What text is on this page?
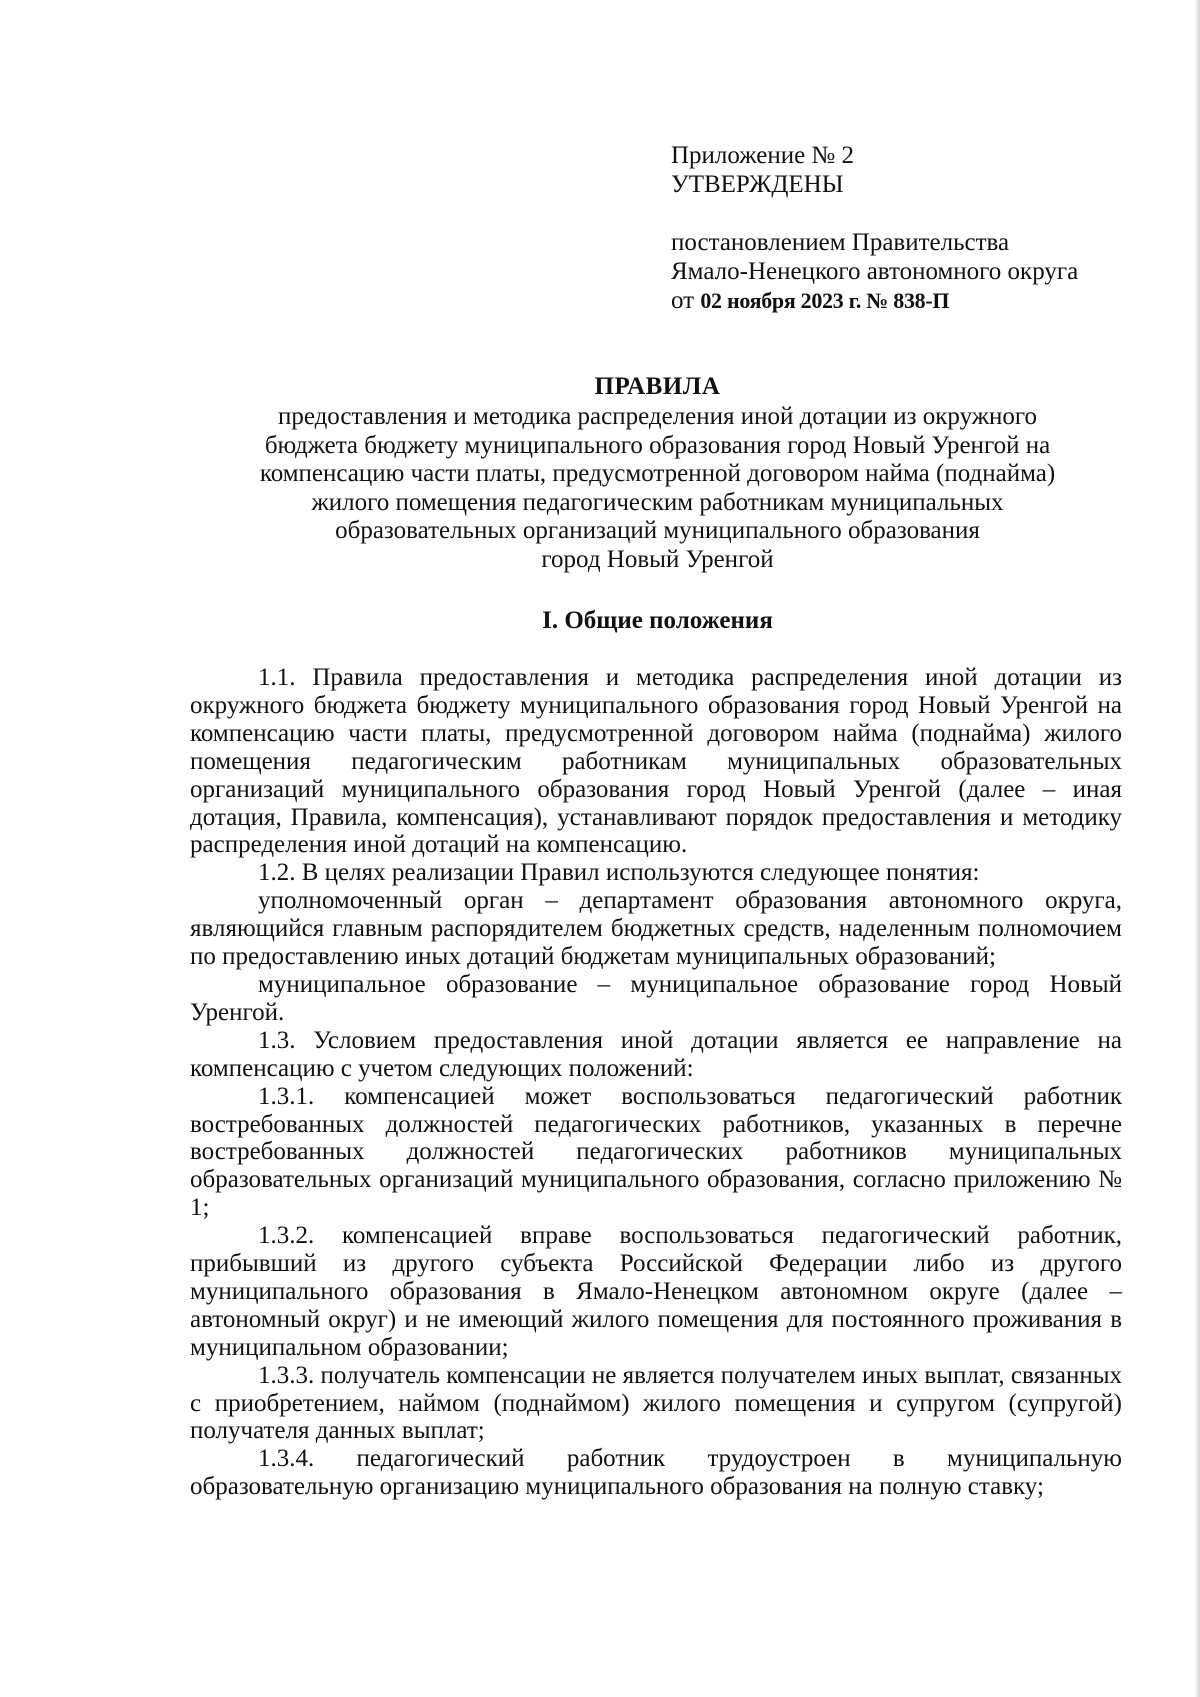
Приложение № 2
УТВЕРЖДЕНЫ
постановлением Правительства
Ямало-Ненецкого автономного округа
от 02 ноября 2023 г. № 838-П
ПРАВИЛА
предоставления и методика распределения иной дотации из окружного
бюджета бюджету муниципального образования город Новый Уренгой на
компенсацию части платы, предусмотренной договором найма (поднайма)
жилого помещения педагогическим работникам муниципальных
образовательных организаций муниципального образования
город Новый Уренгой
I. Общие положения

1.1. Правила предоставления и методика распределения иной дотации из окружного бюджета бюджету муниципального образования город Новый Уренгой на компенсацию части платы, предусмотренной договором найма (поднайма) жилого помещения педагогическим работникам муниципальных образовательных организаций муниципального образования город Новый Уренгой (далее – иная дотация, Правила, компенсация), устанавливают порядок предоставления и методику распределения иной дотаций на компенсацию.

1.2. В целях реализации Правил используются следующее понятия:

уполномоченный орган – департамент образования автономного округа, являющийся главным распорядителем бюджетных средств, наделенным полномочием по предоставлению иных дотаций бюджетам муниципальных образований;

муниципальное образование – муниципальное образование город Новый Уренгой.

1.3. Условием предоставления иной дотации является ее направление на компенсацию с учетом следующих положений:

1.3.1. компенсацией может воспользоваться педагогический работник востребованных должностей педагогических работников, указанных в перечне востребованных должностей педагогических работников муниципальных образовательных организаций муниципального образования, согласно приложению № 1;

1.3.2. компенсацией вправе воспользоваться педагогический работник, прибывший из другого субъекта Российской Федерации либо из другого муниципального образования в Ямало-Ненецком автономном округе (далее – автономный округ) и не имеющий жилого помещения для постоянного проживания в муниципальном образовании;

1.3.3. получатель компенсации не является получателем иных выплат, связанных с приобретением, наймом (поднаймом) жилого помещения и супругом (супругой) получателя данных выплат;

1.3.4. педагогический работник трудоустроен в муниципальную образовательную организацию муниципального образования на полную ставку;
